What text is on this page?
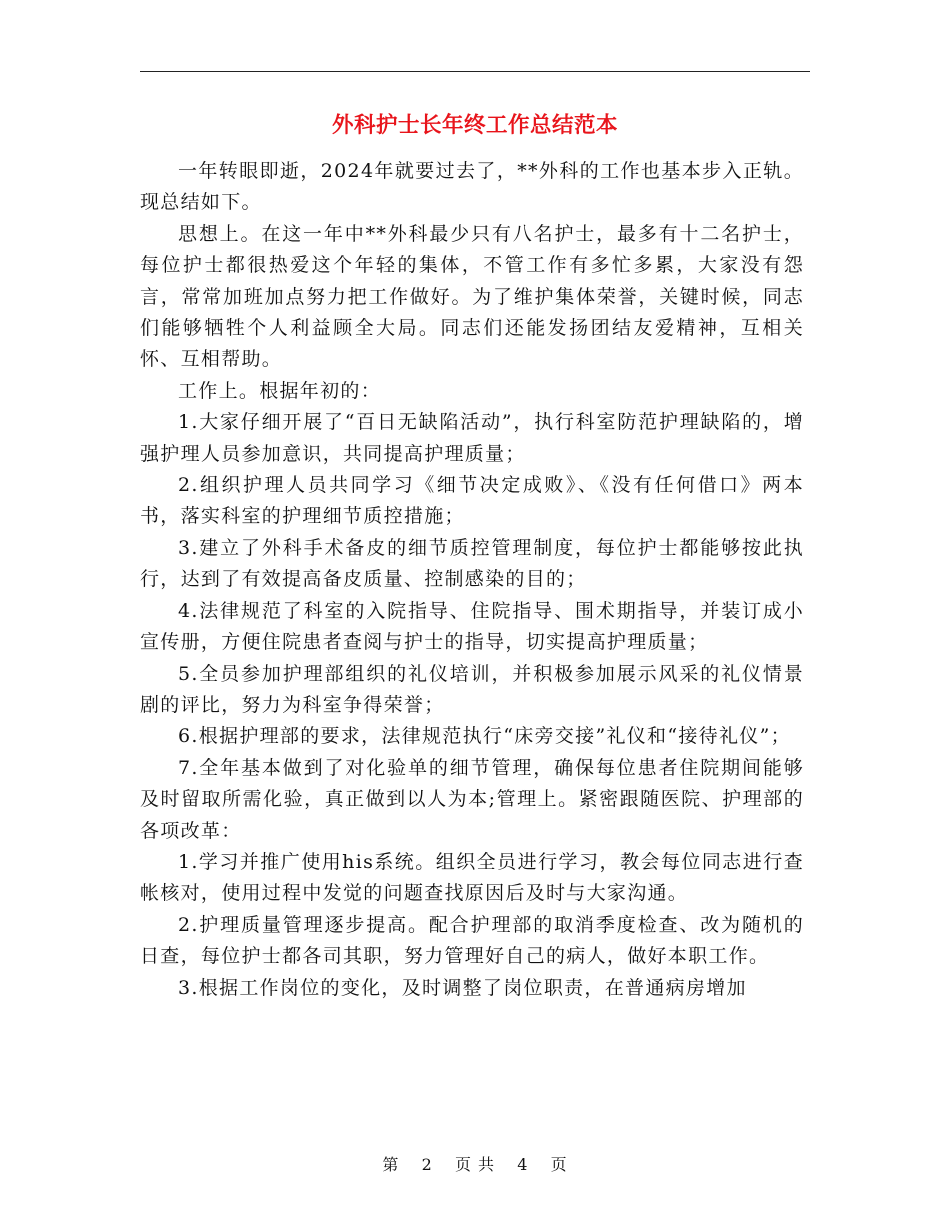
外科护士长年终工作总结范本

一年转眼即逝，2024年就要过去了，**外科的工作也基本步入正轨。现总结如下。

思想上。在这一年中**外科最少只有八名护士，最多有十二名护士，每位护士都很热爱这个年轻的集体，不管工作有多忙多累，大家没有怨言，常常加班加点努力把工作做好。为了维护集体荣誉，关键时候，同志们能够牺牲个人利益顾全大局。同志们还能发扬团结友爱精神，互相关怀、互相帮助。

工作上。根据年初的：

1.大家仔细开展了“百日无缺陷活动”，执行科室防范护理缺陷的，增强护理人员参加意识，共同提高护理质量；

2.组织护理人员共同学习《细节决定成败》、《没有任何借口》两本书，落实科室的护理细节质控措施；

3.建立了外科手术备皮的细节质控管理制度，每位护士都能够按此执行，达到了有效提高备皮质量、控制感染的目的；

4.法律规范了科室的入院指导、住院指导、围术期指导，并装订成小宣传册，方便住院患者查阅与护士的指导，切实提高护理质量；

5.全员参加护理部组织的礼仪培训，并积极参加展示风采的礼仪情景剧的评比，努力为科室争得荣誉；

6.根据护理部的要求，法律规范执行“床旁交接”礼仪和“接待礼仪”；

7.全年基本做到了对化验单的细节管理，确保每位患者住院期间能够及时留取所需化验，真正做到以人为本;管理上。紧密跟随医院、护理部的各项改革：

1.学习并推广使用his系统。组织全员进行学习，教会每位同志进行查帐核对，使用过程中发觉的问题查找原因后及时与大家沟通。

2.护理质量管理逐步提高。配合护理部的取消季度检查、改为随机的日查，每位护士都各司其职，努力管理好自己的病人，做好本职工作。

3.根据工作岗位的变化，及时调整了岗位职责，在普通病房增加

第 2 页 共 4 页
